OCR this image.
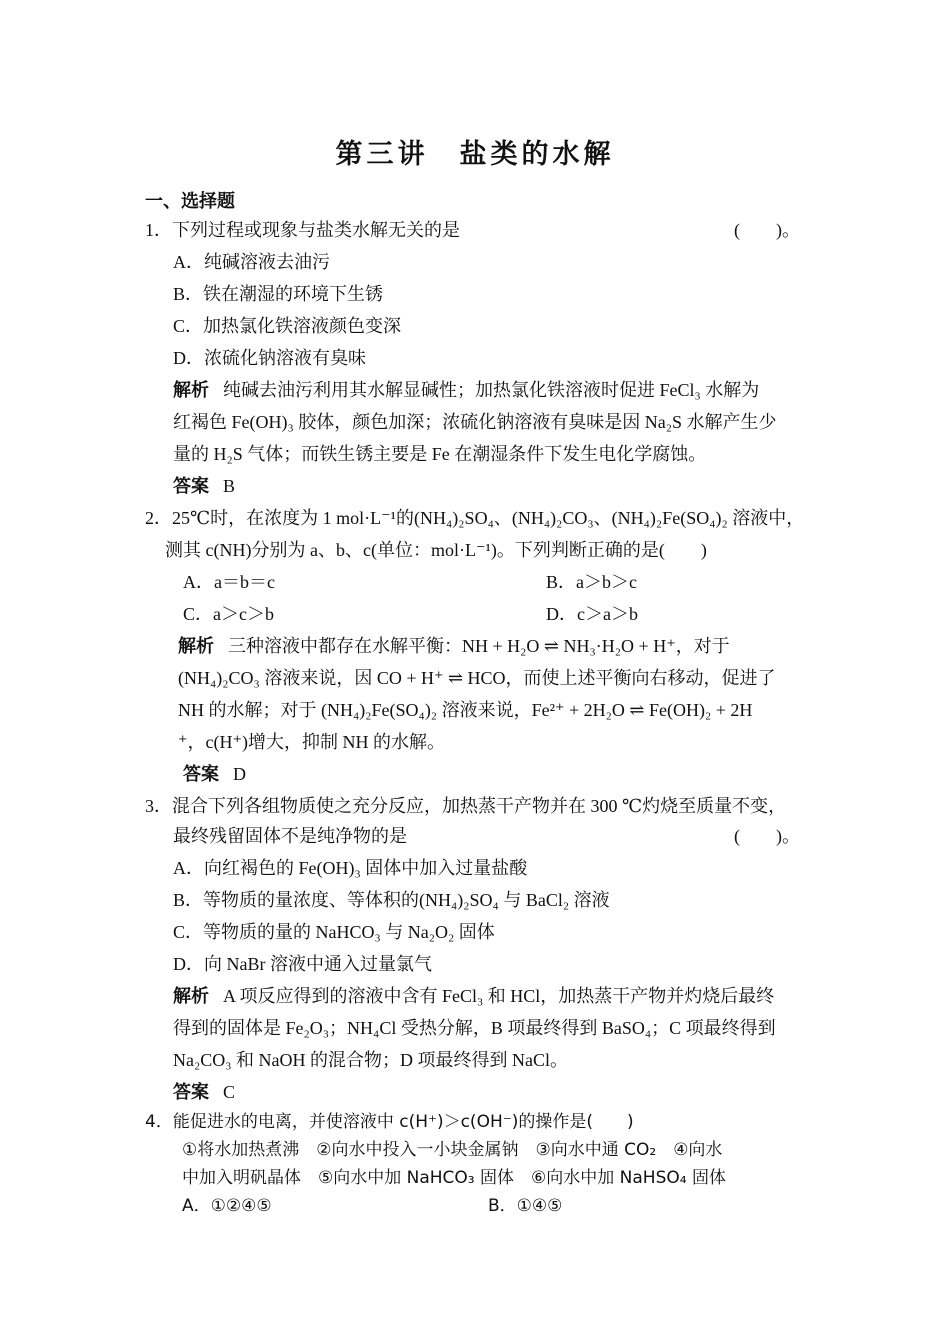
第三讲　盐类的水解
一、选择题
1．下列过程或现象与盐类水解无关的是	(　　)。
A．纯碱溶液去油污
B．铁在潮湿的环境下生锈
C．加热氯化铁溶液颜色变深
D．浓硫化钠溶液有臭味
解析 纯碱去油污利用其水解显碱性；加热氯化铁溶液时促进 FeCl₃ 水解为
红褐色 Fe(OH)₃ 胶体，颜色加深；浓硫化钠溶液有臭味是因 Na₂S 水解产生少
量的 H₂S 气体；而铁生锈主要是 Fe 在潮湿条件下发生电化学腐蚀。
答案 B
2．25℃时，在浓度为 1 mol·L⁻¹的(NH₄)₂SO₄、(NH₄)₂CO₃、(NH₄)₂Fe(SO₄)₂ 溶液中，
测其 c(NH)分别为 a、b、c(单位：mol·L⁻¹)。下列判断正确的是(　　)
A．a＝b＝c	B．a＞b＞c
C．a＞c＞b	D．c＞a＞b
解析 三种溶液中都存在水解平衡：NH + H₂O ⇌ NH₃·H₂O + H⁺，对于
(NH₄)₂CO₃ 溶液来说，因 CO + H⁺ ⇌ HCO，而使上述平衡向右移动，促进了
NH 的水解；对于 (NH₄)₂Fe(SO₄)₂ 溶液来说，Fe²⁺ + 2H₂O ⇌ Fe(OH)₂ + 2H
⁺，c(H⁺)增大，抑制 NH 的水解。
答案 D
3．混合下列各组物质使之充分反应，加热蒸干产物并在 300 ℃灼烧至质量不变，
最终残留固体不是纯净物的是	(　　)。
A．向红褐色的 Fe(OH)₃ 固体中加入过量盐酸
B．等物质的量浓度、等体积的(NH₄)₂SO₄ 与 BaCl₂ 溶液
C．等物质的量的 NaHCO₃ 与 Na₂O₂ 固体
D．向 NaBr 溶液中通入过量氯气
解析 A 项反应得到的溶液中含有 FeCl₃ 和 HCl，加热蒸干产物并灼烧后最终
得到的固体是 Fe₂O₃；NH₄Cl 受热分解，B 项最终得到 BaSO₄；C 项最终得到
Na₂CO₃ 和 NaOH 的混合物；D 项最终得到 NaCl。
答案 C
4．能促进水的电离，并使溶液中 c(H⁺)＞c(OH⁻)的操作是(　　)
①将水加热煮沸　②向水中投入一小块金属钠　③向水中通 CO₂　④向水
中加入明矾晶体　⑤向水中加 NaHCO₃ 固体　⑥向水中加 NaHSO₄ 固体
A．①②④⑤	B．①④⑤
